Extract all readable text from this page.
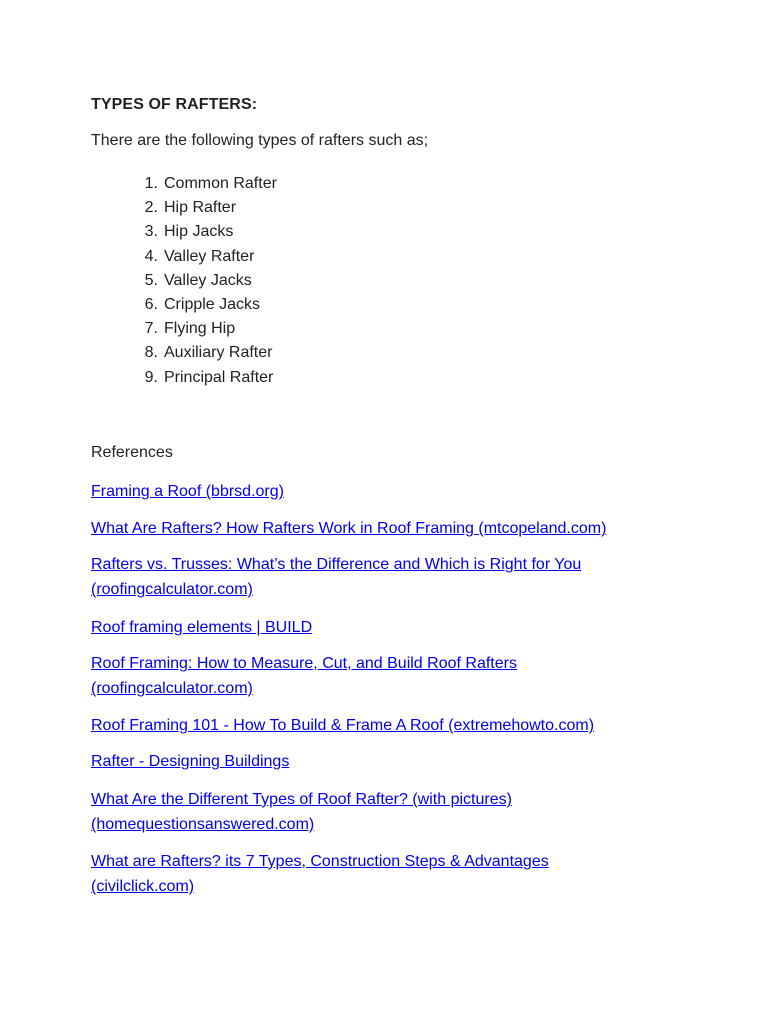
TYPES OF RAFTERS:
There are the following types of rafters such as;
1. Common Rafter
2. Hip Rafter
3. Hip Jacks
4. Valley Rafter
5. Valley Jacks
6. Cripple Jacks
7. Flying Hip
8. Auxiliary Rafter
9. Principal Rafter
References
Framing a Roof (bbrsd.org)
What Are Rafters? How Rafters Work in Roof Framing (mtcopeland.com)
Rafters vs. Trusses: What’s the Difference and Which is Right for You
(roofingcalculator.com)
Roof framing elements | BUILD
Roof Framing: How to Measure, Cut, and Build Roof Rafters
(roofingcalculator.com)
Roof Framing 101 - How To Build & Frame A Roof (extremehowto.com)
Rafter - Designing Buildings
What Are the Different Types of Roof Rafter? (with pictures)
(homequestionsanswered.com)
What are Rafters? its 7 Types, Construction Steps & Advantages
(civilclick.com)
